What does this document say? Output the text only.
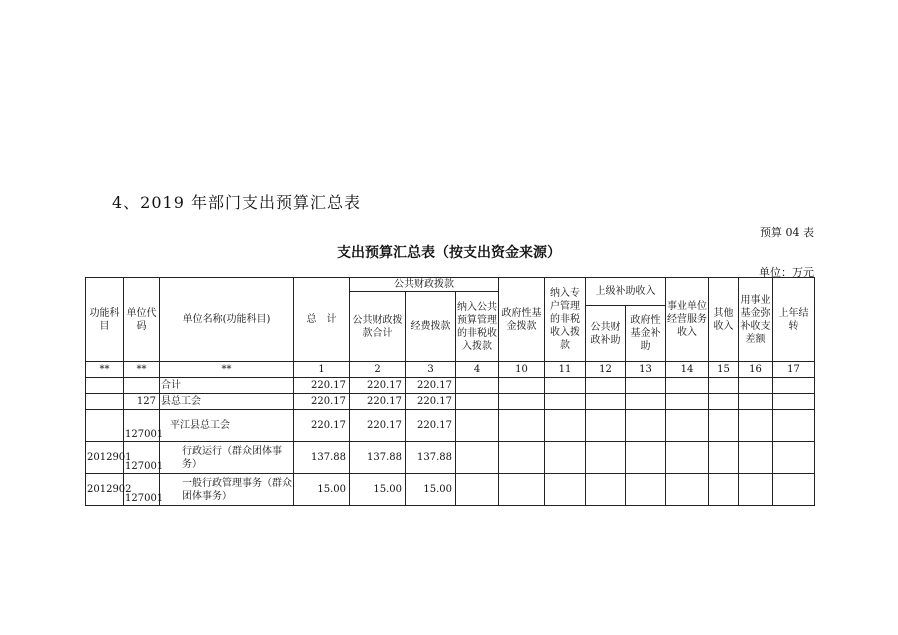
4、2019 年部门支出预算汇总表
预算 04 表
支出预算汇总表（按支出资金来源）
单位：万元
功能科目	单位代码	单位名称(功能科目)	总　计	公共财政拨款			政府性基金拨款	纳入专户管理的非税收入拨款	上级补助收入		事业单位经营服务收入	其他收入	用事业基金弥补收支差额	上年结转
				公共财政拨款合计	经费拨款	纳入公共预算管理的非税收入拨款								
									公共财政补助	政府性基金补助				
**	**	**	1	2	3	4	10	11	12	13	14	15	16	17
		合计	220.17	220.17	220.17									
	127	县总工会	220.17	220.17	220.17									
	127001	平江县总工会	220.17	220.17	220.17									
2012901	127001	行政运行（群众团体事务）	137.88	137.88	137.88									
2012902	127001	一般行政管理事务（群众团体事务）	15.00	15.00	15.00									
